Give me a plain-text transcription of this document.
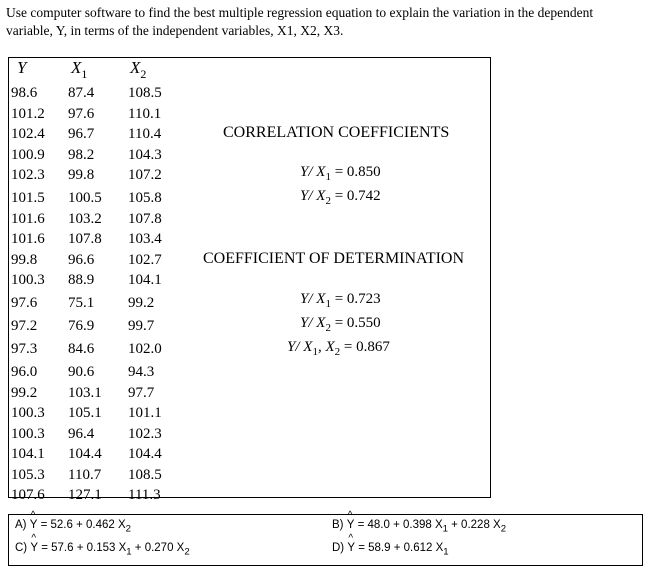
Use computer software to find the best multiple regression equation to explain the variation in the dependent variable, Y, in terms of the independent variables, X1, X2, X3.
Y	$X_1$	$X_2$
98.6 87.4 108.5
101.2 97.6 110.1
102.4 96.7 110.4
100.9 98.2 104.3
102.3 99.8 107.2
101.5 100.5 105.8
101.6 103.2 107.8
101.6 107.8 103.4
99.8 96.6 102.7
100.3 88.9 104.1
97.6 75.1 99.2
97.2 76.9 99.7
97.3 84.6 102.0
96.0 90.6 94.3
99.2 103.1 97.7
100.3 105.1 101.1
100.3 96.4 102.3
104.1 104.4 104.4
105.3 110.7 108.5
107.6 127.1 111.3
CORRELATION COEFFICIENTS
Y/ $X_1 = 0.850$
Y/ $X_2 = 0.742$
COEFFICIENT OF DETERMINATION
Y/ $X_1 = 0.723$
Y/ $X_2 = 0.550$
Y/ $X_1$, $X_2 = 0.867$
A)
^
Y = 52.6 + 0.462 $X_2$	B)
^
Y = 48.0 + 0.398 $X_1 + 0.228$ $X_2$
C)
^
Y = 57.6 + 0.153 $X_1 + 0.270$ $X_2$	D)
^
Y = 58.9 + 0.612 $X_1$
